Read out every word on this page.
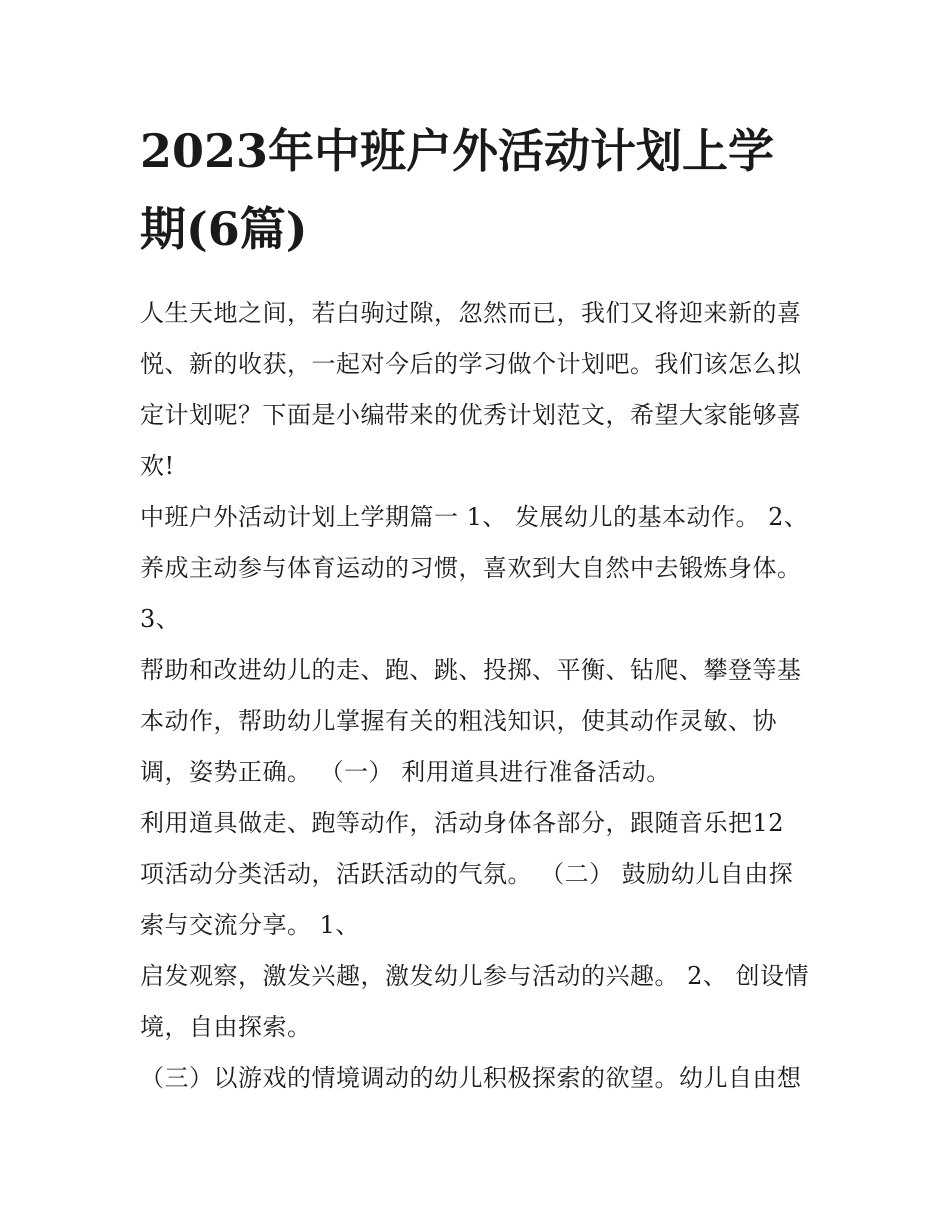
2023年中班户外活动计划上学
期(6篇)
人生天地之间，若白驹过隙，忽然而已，我们又将迎来新的喜
悦、新的收获，一起对今后的学习做个计划吧。我们该怎么拟
定计划呢？下面是小编带来的优秀计划范文，希望大家能够喜
欢!
中班户外活动计划上学期篇一 1、 发展幼儿的基本动作。 2、
养成主动参与体育运动的习惯，喜欢到大自然中去锻炼身体。
3、
帮助和改进幼儿的走、跑、跳、投掷、平衡、钻爬、攀登等基
本动作，帮助幼儿掌握有关的粗浅知识，使其动作灵敏、协
调，姿势正确。 （一） 利用道具进行准备活动。
利用道具做走、跑等动作，活动身体各部分，跟随音乐把12
项活动分类活动，活跃活动的气氛。 （二） 鼓励幼儿自由探
索与交流分享。 1、
启发观察，激发兴趣，激发幼儿参与活动的兴趣。 2、 创设情
境，自由探索。
（三）以游戏的情境调动的幼儿积极探索的欲望。幼儿自由想
